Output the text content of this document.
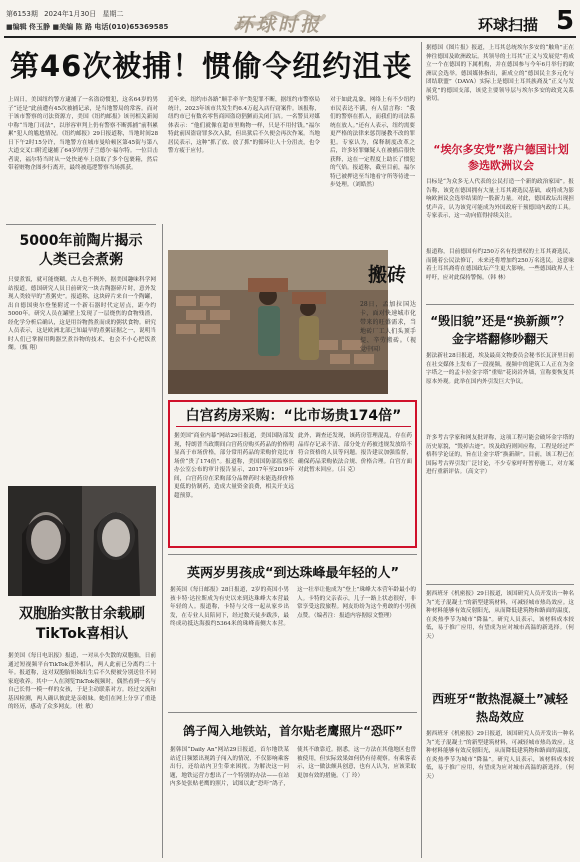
第6153期 2024年1月30日 星期二
■编辑 佟玉静 ■美编 陈 路 电话(010)65369585	环球时报	环球扫描 5
第46次被捕！惯偷令纽约沮丧
上周日，美国纽约警方逮捕了一名盗窃惯犯，这名64岁的男子“还是”此前遭有45次被捕记录，是当地警局的常客。而对于该市警察的司法资源方，美国《纽约邮报》该刊相关新闻中称“当地门司法”，以形容审判上仍有警察不断抓捕“前科累累”犯人的尴尬情况。《纽约邮报》29日报道称，当地时间28日下午2时15分许，当地警方在城市曼哈顿区第45街与第八大道交叉口附近逮捕了64岁的男子兰德尔·福尔特。一位目击者说，福尔特当时从一处快递车上窃取了多个包裹箱，然后带着赃物企图步行离开，最终被巡逻警察当场抓获。
近年来，纽约市各路“顺手牵羊”类犯罪不断，据纽约市警察局统计，2023年该市共发生约6.4万起入店行窃案件。该报称，纽约市已有数名零售商因盗窃猖獗而关闭门店。一名警员对媒体表示：“他们就像在超市里购物一样，只是不用付钱。”福尔特此前因盗窃罪多次入狱，但出狱后不久便会再次作案。当地居民表示，这种“抓了放、放了抓”的循环让人十分沮丧，也令警方疲于应付。
对于如此乱象，网络上有不少纽约市民表达不满，有人留言称：“我们的警察在抓人，而我们的司法系统在放人。”还有人表示，纽约需要更严格的法律来惩罚屡教不改的罪犯。专家认为，保释制度改革之后，许多轻罪嫌疑人在被捕后很快获释，这在一定程度上助长了惯犯的气焰。报道称，截至目前，福尔特已被押送至当地看守所等待进一步处理。（刘皓然）
5000年前陶片揭示人类已会煮粥
只要煮饭，就可能烧糊。古人也不例外，据美国趣味科学网站报道，德国研究人员日前研究一块古陶器碎片时，意外发现人类较早的“煮粥史”。报道称，这块碎片来自一个陶罐，出自德国奥尔登堡附近一个新石器时代定居点，距今约5000年。研究人员在罐壁上发现了一层烧焦的食物残渣，经化学分析后确认，这是用谷物熬煮而成的粥状食物。研究人员表示，这是欧洲北部已知最早的煮粥证据之一，说明当时人们已掌握用陶器烹煮谷物的技术，也会不小心把饭煮煳。（甄 翔）
双胞胎实散甘余载刷TikTok喜相认
据美国《每日电讯报》报道，一对从小失散的双胞胎，日前通过短视频平台TikTok意外相认，两人此前已分离约二十年。报道称，这对双胞胎姐妹出生后不久便被分别送往不同家庭收养。其中一人在浏览TikTok视频时，偶然看到一名与自己长得一模一样的女孩，于是主动联系对方。经过交流和基因检测，两人确认彼此是亲姐妹。她们在网上分享了重逢的经历，感动了众多网友。（杜 敏）
搬砖
28日，孟加拉国达卡，面对快速城市化带来的旺盛需求，当地砖厂工人们头顶手提、辛劳搬砖。（视觉中国）
白宫药房采购：“比市场贵174倍”
据美国“商业内幕”网站29日报道，美国国防部发现，特朗普当政期间白宫药房购买药品的价格明显高于市场价格，部分常用药品的采购价竟比市场价“贵了174倍”。报道称，美国国防部监察长办公室公布的审计报告显示，2017年至2019年间，白宫药房在采购部分品牌药时未能选择价格更低的仿制药，造成大量资金浪费，相关开支远超预算。
此外，调查还发现，该药房管理混乱，存在药品库存记录不清、部分处方药被违规发放给不符合资格的人员等问题。报告建议加强监督，确保药品采购依法合规、价格合理。白宫方面对此暂未回应。（吕 克）
英两岁男孩成“到达珠峰最年轻的人”
据英国《每日邮报》28日报道，2岁的英国小男孩卡特·达拉斯成为有史以来到达珠峰大本营最年轻的人。报道称，卡特与父母一起从家乡出发，在专业人员陪同下，经过数天徒步跋涉，最终成功抵达海拔约5364米的珠峰南侧大本营。这一壮举让他成为“登上”珠峰大本营年龄最小的人。卡特的父亲表示，儿子一路上状态很好，非常享受这段旅程。网友纷纷为这个勇敢的小男孩点赞。（编者注：报道内容据原文整理）
鸽子闯入地铁站，首尔贴老鹰照片“恐吓”
据韩国“Daily An”网站29日报道，首尔地铁某站近日频繁出现鸽子闯入的情况，不仅影响乘客出行，还给站内卫生带来困扰。为解决这一问题，地铁运营方想出了一个特别的办法——在站内多处张贴老鹰的照片，试图以此“恐吓”鸽子，使其不敢靠近。据悉，这一方法在其他地区也曾被使用，但实际效果如何仍有待观察。有乘客表示，这一做法颇具创意，也有人认为，应该采取更加有效的措施。（丁 玲）
据德国《图片报》报道，上耳其总统埃尔多安的“触角”正在伸往德国及欧洲政坛。其领导的土耳其“正义与发展党”将成立一个在德国的下属机构，并在德国参与今年6月举行的欧洲议会选举。德国媒体指出，新成立的“德国民主多元化与团结联盟”（DAVA）实际上是德国土耳其族裔及“正义与发展党”的德国支部，该党主要领导层与埃尔多安的政党关系密切。
“埃尔多安党”落户德国计划参选欧洲议会
目标是“为众多无人代表的公民打造一个新的政治家园”。报告称，该党在德国拥有大量土耳其裔选民基础，或将成为影响欧洲议会选举结果的一股新力量。对此，德国政坛出现担忧声音，认为该党可能成为外国政府干预德国内政的工具。专家表示，这一动向值得持续关注。
报道称，目前德国有约250万名有投票权的土耳其裔选民，而随着公民法修订，未来还将增加约250万名选民。这意味着土耳其裔将在德国政坛产生更大影响。一些德国政界人士呼吁，应对此保持警惕。（韩 林）
“毁旧貌”还是“换新颜”？金字塔翻修吵翻天
据法新社28日报道，埃及最高文物委员会秘书长瓦济里日前在社交媒体上发布了一段视频，视频中的建筑工人正在为金字塔之一的孟卡拉金字塔“重贴”花岗岩外墙，宣称要恢复其原本外观。此举在国内外引发巨大争议。
许多考古学家和网友批评称，这项工程可能会破坏金字塔的历史原貌，“毁掉古迹”。埃及政府则回应称，工程是经过严格科学论证的，旨在让金字塔“换新颜”。目前，该工程已在国际考古界引发广泛讨论，不少专家呼吁暂停施工，对方案进行重新评估。（高文宇）
据西班牙《机密报》29日报道，该国研究人员开发出一种名为“光子混凝土”的新型建筑材料，可减轻城市热岛效应。这种材料能够有效反射阳光，从而降低建筑物和路面的温度，在炎热季节为城市“降温”。研究人员表示，该材料成本较低，易于推广应用，有望成为应对城市高温的新选择。（何 天）
西班牙“散热混凝土”减轻热岛效应
据西班牙《机密报》29日报道，该国研究人员开发出一种名为“光子混凝土”的新型建筑材料，可减轻城市热岛效应。这种材料能够有效反射阳光，从而降低建筑物和路面的温度，在炎热季节为城市“降温”。研究人员表示，该材料成本较低，易于推广应用，有望成为应对城市高温的新选择。（何 天）
